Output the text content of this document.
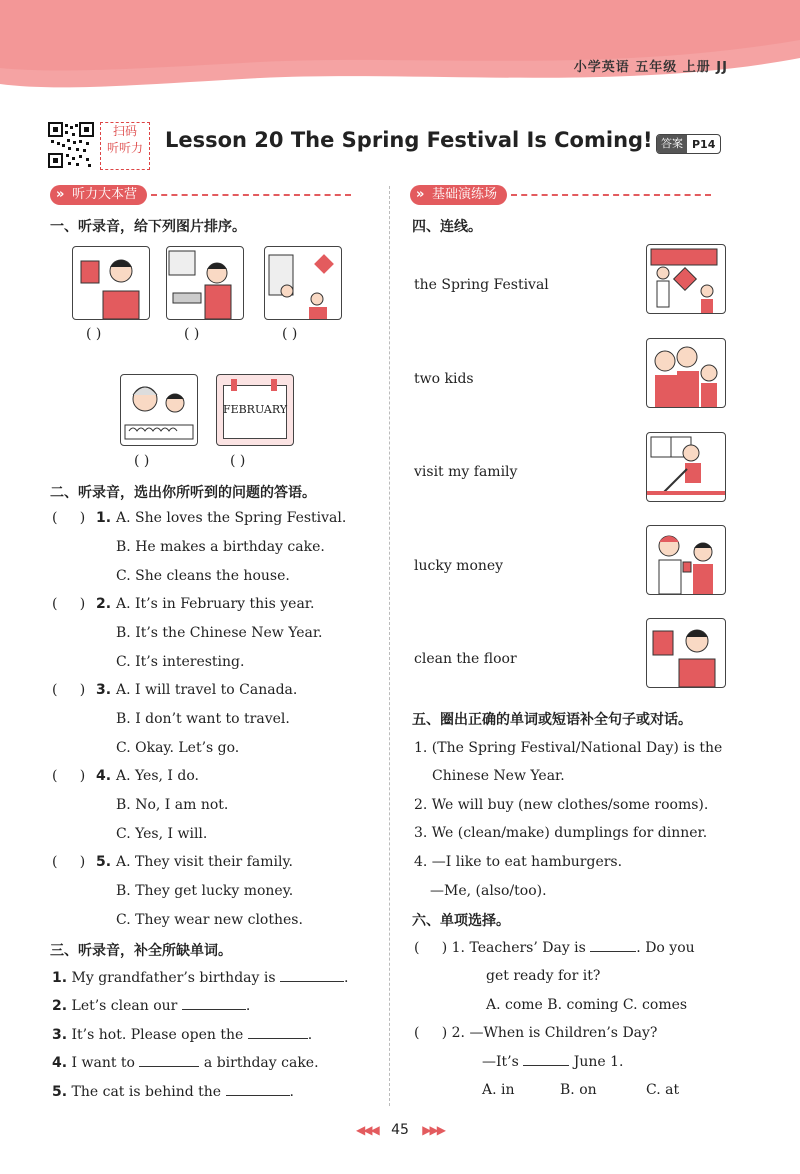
小学英语 五年级 上册 JJ
扫码
听听力 Lesson 20 The Spring Festival Is Coming! 答案 P14
» 听力大本营
»	基础演练场
一、听录音，给下列图片排序。
( )	( )	( )
FEBRUARY
( )	( )
二、听录音，选出你所听到的问题的答语。
(     ) 1. A. She loves the Spring Festival.
B. He makes a birthday cake.
C. She cleans the house.
(     ) 2. A. It’s in February this year.
B. It’s the Chinese New Year.
C. It’s interesting.
(     ) 3. A. I will travel to Canada.
B. I don’t want to travel.
C. Okay. Let’s go.
(     ) 4. A. Yes, I do.
B. No, I am not.
C. Yes, I will.
(     ) 5. A. They visit their family.
B. They get lucky money.
C. They wear new clothes.
三、听录音，补全所缺单词。
1. My grandfather’s birthday is	.
2. Let’s clean our	.
3. It’s hot. Please open the	.
4. I want to	a birthday cake.
5. The cat is behind the	.
四、连线。
the Spring Festival
two kids
visit my family
lucky money
clean the floor
五、圈出正确的单词或短语补全句子或对话。
1. (The Spring Festival/National Day) is the
Chinese New Year.
2. We will buy (new clothes/some rooms).
3. We (clean/make) dumplings for dinner.
4. —I like to eat hamburgers.
—Me, (also/too).
六、单项选择。
(     ) 1. Teachers’ Day is	. Do you
get ready for it?
A. come B. coming C. comes
(     ) 2. —When is Children’s Day?
—It’s	June 1.
A. in	B. on	C. at
◀◀◀ 45 ▶▶▶
